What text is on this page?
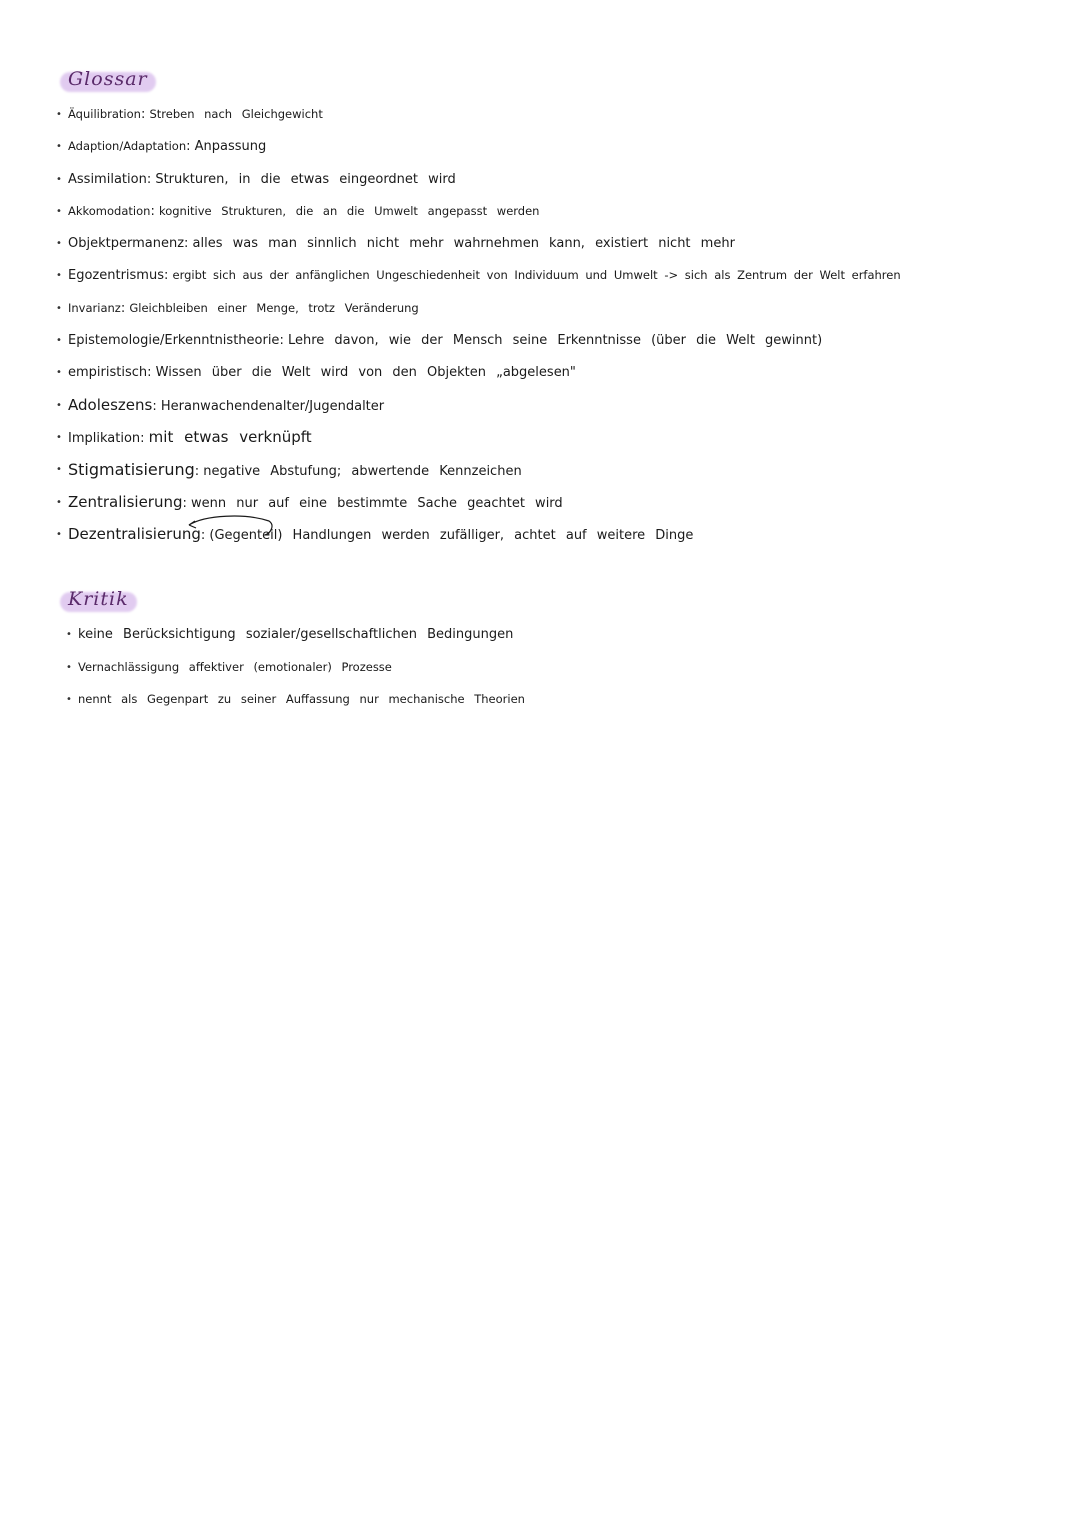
Glossar
• Äquilibration: Streben nach Gleichgewicht
• Adaption/Adaptation: Anpassung
• Assimilation: Strukturen, in die etwas eingeordnet wird
• Akkomodation: kognitive Strukturen, die an die Umwelt angepasst werden
• Objektpermanenz: alles was man sinnlich nicht mehr wahrnehmen kann, existiert nicht mehr
• Egozentrismus: ergibt sich aus der anfänglichen Ungeschiedenheit von Individuum und Umwelt -> sich als Zentrum der Welt erfahren
• Invarianz: Gleichbleiben einer Menge, trotz Veränderung
• Epistemologie/Erkenntnistheorie: Lehre davon, wie der Mensch seine Erkenntnisse (über die Welt gewinnt)
• empiristisch: Wissen über die Welt wird von den Objekten „abgelesen"
• Adoleszens: Heranwachendenalter/Jugendalter
• Implikation: mit etwas verknüpft
• Stigmatisierung: negative Abstufung; abwertende Kennzeichen
• Zentralisierung: wenn nur auf eine bestimmte Sache geachtet wird
• Dezentralisierung: (Gegenteil) Handlungen werden zufälliger, achtet auf weitere Dinge
Kritik
• keine Berücksichtigung sozialer/gesellschaftlichen Bedingungen
• Vernachlässigung affektiver (emotionaler) Prozesse
• nennt als Gegenpart zu seiner Auffassung nur mechanische Theorien
